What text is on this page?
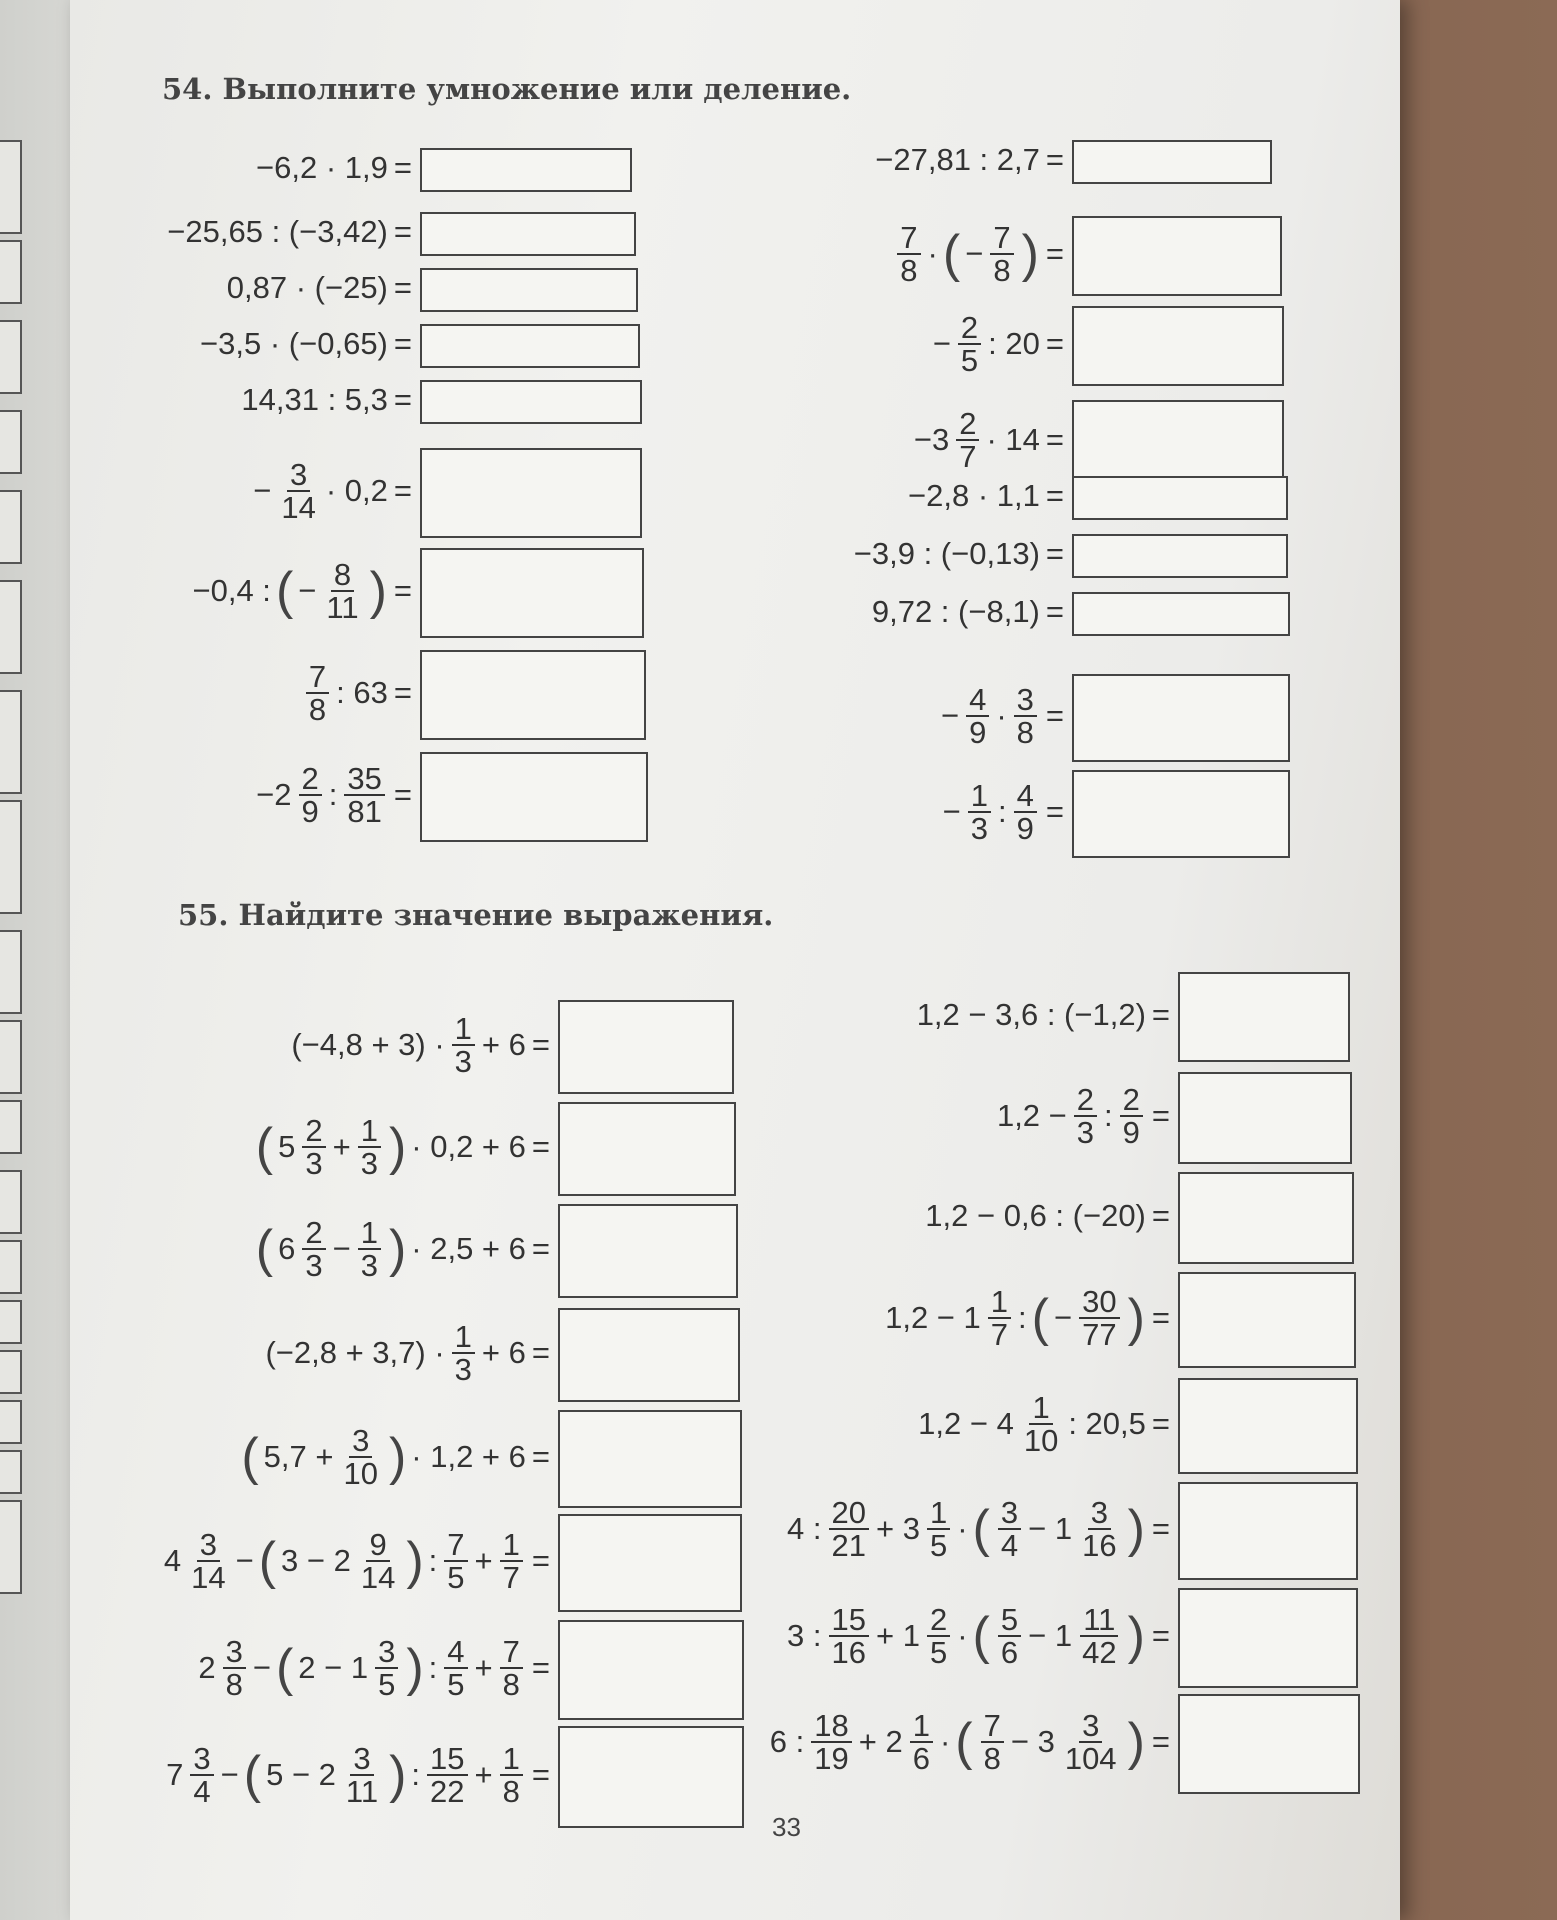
54. Выполните умножение или деление.
55. Найдите значение выражения.
33
−6,2 · 1,9 =
−25,65 : (−3,42) =
0,87 · (−25) =
−3,5 · (−0,65) =
14,31 : 5,3 =
− $\frac{3}{14} \cdot 0,2$ =
−0,4 : ( − $\frac{8}{11}$ ) =
$\frac{7}{8}$ : 63 =
$-2 \frac{2}{9}$ : $\frac{35}{81}$ =
−27,81 : 2,7 =
$\frac{7}{8}$ · ( − $\frac{7}{8}$ ) =
− $\frac{2}{5}$ : 20 =
$-3 \frac{2}{7} \cdot 14$ =
−2,8 · 1,1 =
−3,9 : (−0,13) =
9,72 : (−8,1) =
− $\frac{4}{9} \cdot \frac{3}{8}$ =
− $\frac{1}{3}$ : $\frac{4}{9}$ =
$(-4,8 + 3) \cdot \frac{1}{3} + 6$ =
( $5 \frac{2}{3} + \frac{1}{3}$ ) · 0,2 + 6 =
( $6 \frac{2}{3} - \frac{1}{3}$ ) · 2,5 + 6 =
$(-2,8 + 3,7) \cdot \frac{1}{3} + 6$ =
( $5,7 + \frac{3}{10}$ ) · 1,2 + 6 =
$4 \frac{3}{14}$ − ( $3 - 2 \frac{9}{14}$ ) : $\frac{7}{5} + \frac{1}{7}$ =
$2 \frac{3}{8}$ − ( $2 - 1 \frac{3}{5}$ ) : $\frac{4}{5} + \frac{7}{8}$ =
$7 \frac{3}{4}$ − ( $5 - 2 \frac{3}{11}$ ) : $\frac{15}{22} + \frac{1}{8}$ =
1,2 − 3,6 : (−1,2) =
$1,2 - \frac{2}{3}$ : $\frac{2}{9}$ =
1,2 − 0,6 : (−20) =
$1,2 - 1 \frac{1}{7}$ : ( − $\frac{30}{77}$ ) =
$1,2 - 4 \frac{1}{10}$ : 20,5 =
4 : $\frac{20}{21} + 3 \frac{1}{5}$ · ( $\frac{3}{4} - 1 \frac{3}{16}$ ) =
3 : $\frac{15}{16} + 1 \frac{2}{5}$ · ( $\frac{5}{6} - 1 \frac{11}{42}$ ) =
6 : $\frac{18}{19} + 2 \frac{1}{6}$ · ( $\frac{7}{8} - 3 \frac{3}{104}$ ) =
